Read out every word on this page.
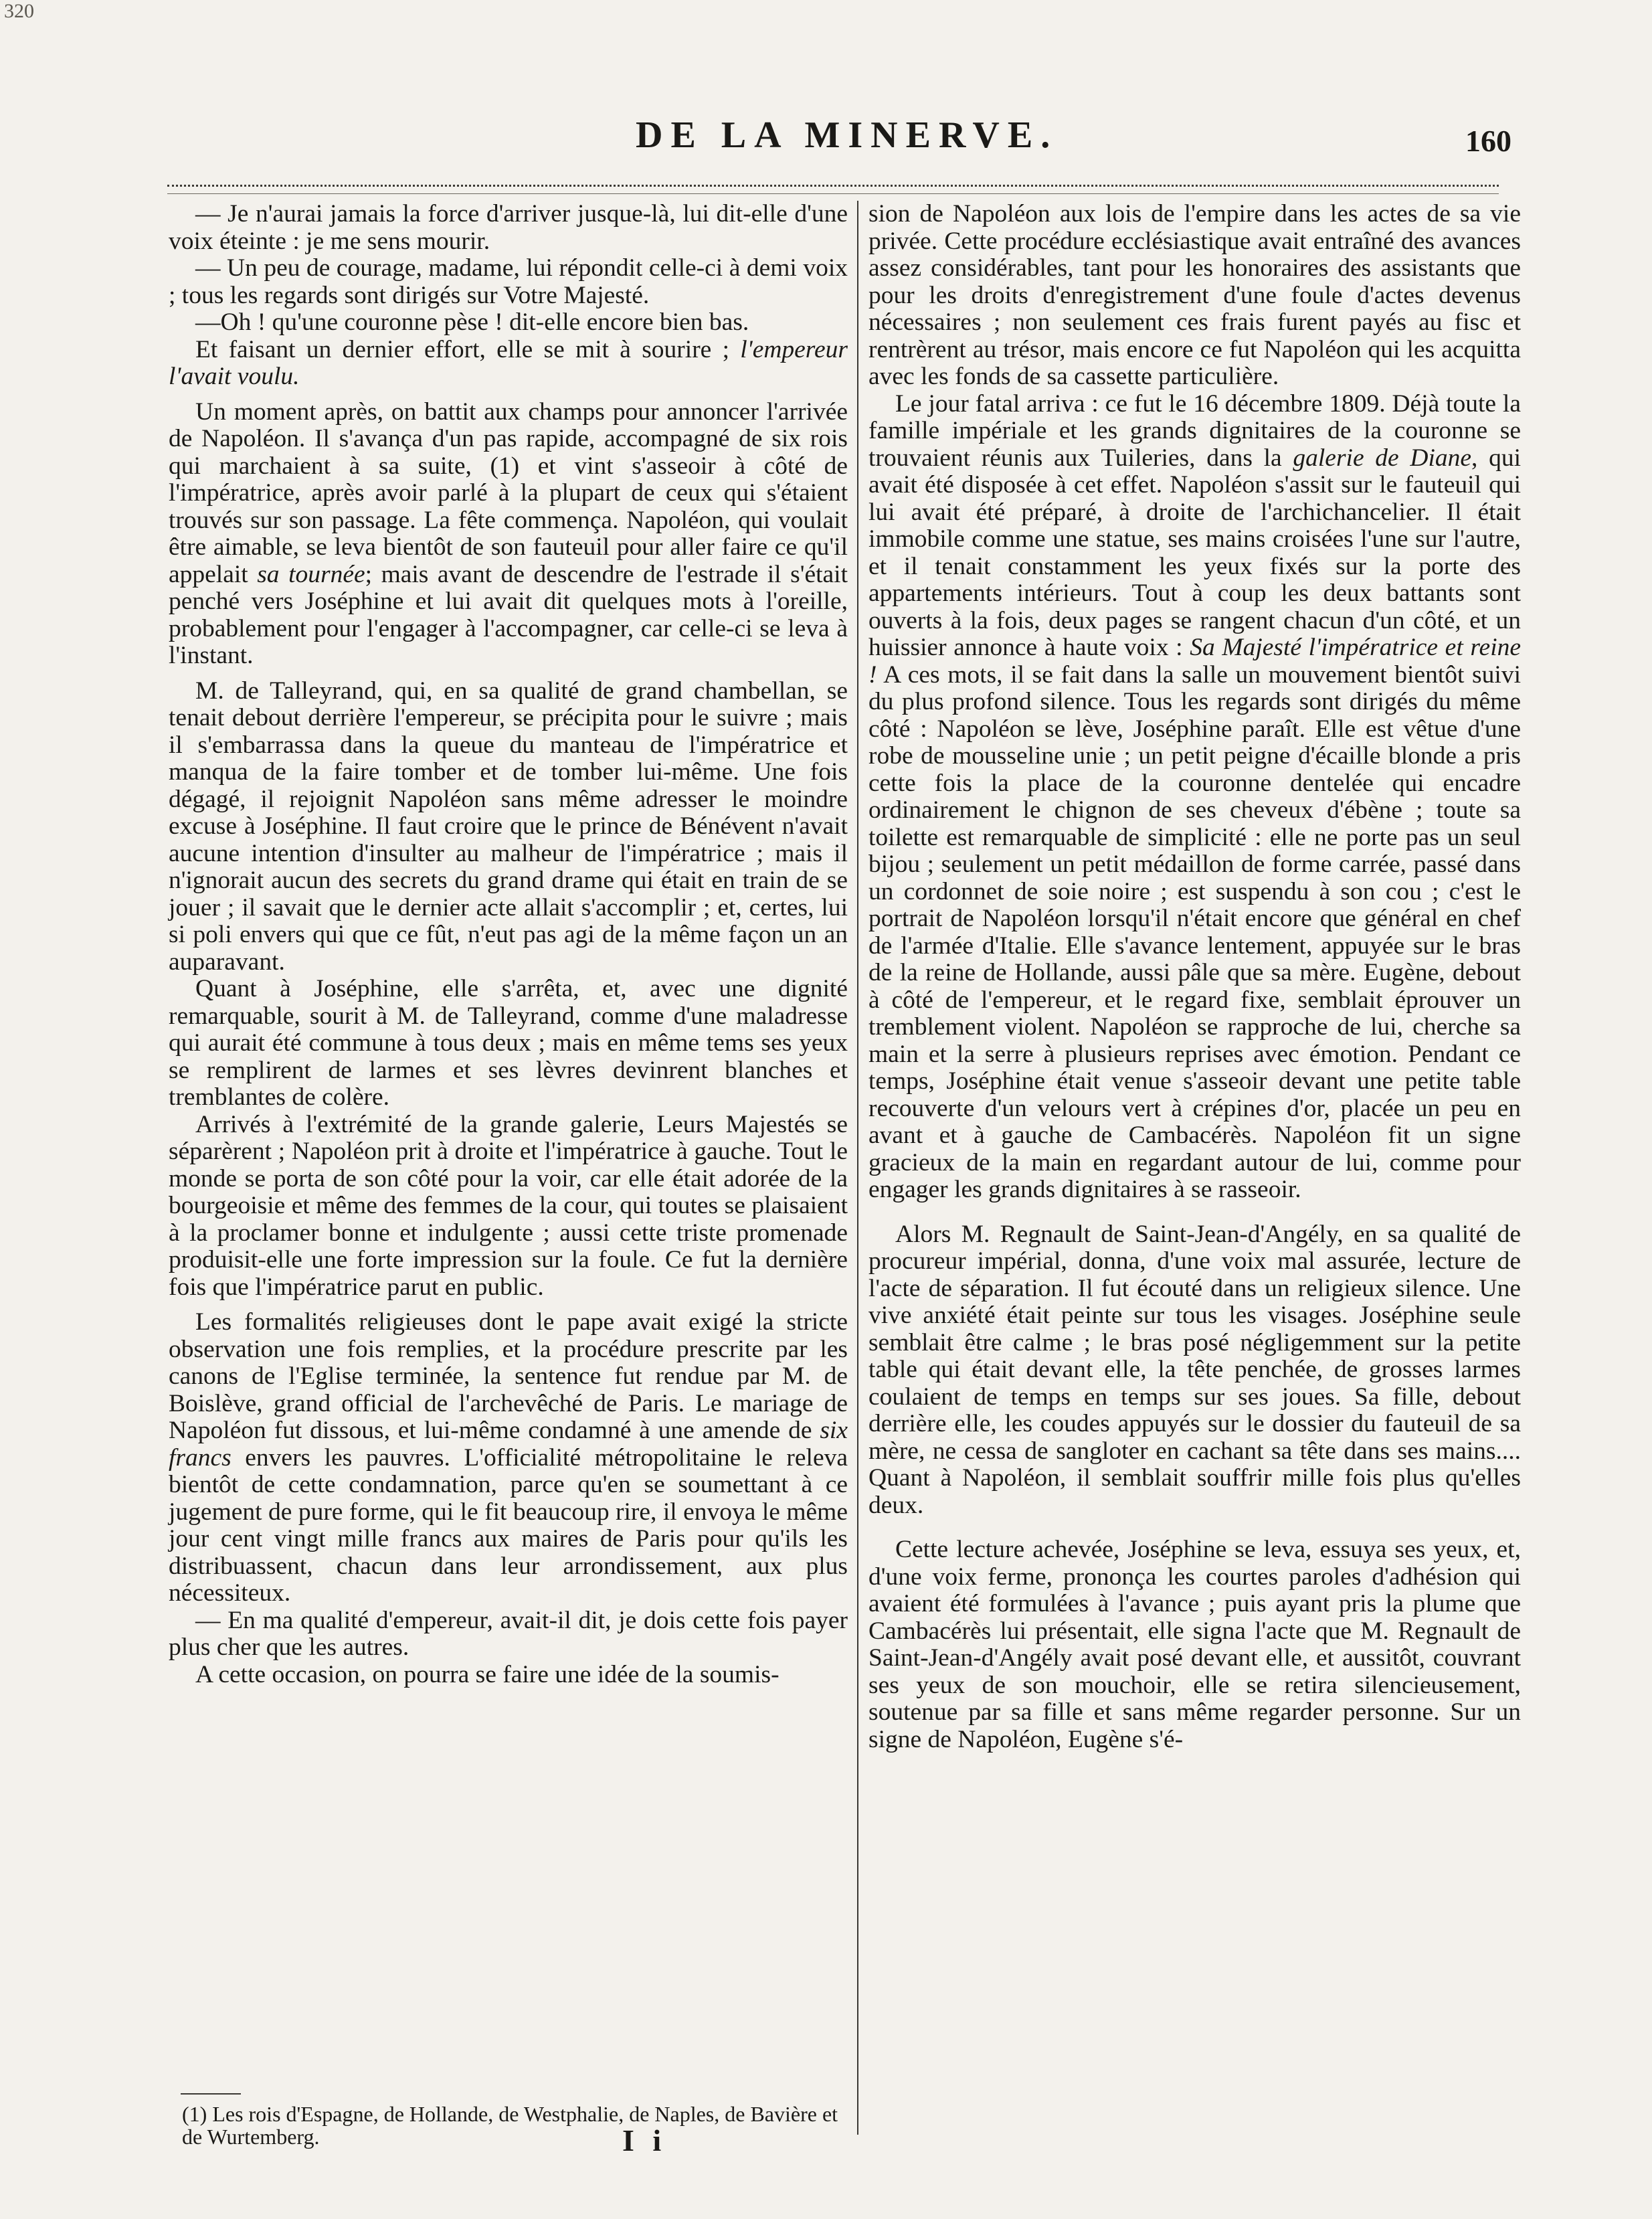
320
DE LA MINERVE.	160

— Je n'aurai jamais la force d'arriver jusque-là, lui dit-elle d'une voix éteinte : je me sens mourir.

— Un peu de courage, madame, lui répondit celle-ci à demi voix ; tous les regards sont dirigés sur Votre Majesté.

—Oh ! qu'une couronne pèse ! dit-elle encore bien bas.

Et faisant un dernier effort, elle se mit à sourire ; l'empereur l'avait voulu.

Un moment après, on battit aux champs pour annoncer l'arrivée de Napoléon. Il s'avança d'un pas rapide, accompagné de six rois qui marchaient à sa suite, (1) et vint s'asseoir à côté de l'impératrice, après avoir parlé à la plupart de ceux qui s'étaient trouvés sur son passage. La fête commença. Napoléon, qui voulait être aimable, se leva bientôt de son fauteuil pour aller faire ce qu'il appelait sa tournée; mais avant de descendre de l'estrade il s'était penché vers Joséphine et lui avait dit quelques mots à l'oreille, probablement pour l'engager à l'accompagner, car celle-ci se leva à l'instant.

M. de Talleyrand, qui, en sa qualité de grand chambellan, se tenait debout derrière l'empereur, se précipita pour le suivre ; mais il s'embarrassa dans la queue du manteau de l'impératrice et manqua de la faire tomber et de tomber lui-même. Une fois dégagé, il rejoignit Napoléon sans même adresser le moindre excuse à Joséphine. Il faut croire que le prince de Bénévent n'avait aucune intention d'insulter au malheur de l'impératrice ; mais il n'ignorait aucun des secrets du grand drame qui était en train de se jouer ; il savait que le dernier acte allait s'accomplir ; et, certes, lui si poli envers qui que ce fût, n'eut pas agi de la même façon un an auparavant.

Quant à Joséphine, elle s'arrêta, et, avec une dignité remarquable, sourit à M. de Talleyrand, comme d'une maladresse qui aurait été commune à tous deux ; mais en même tems ses yeux se remplirent de larmes et ses lèvres devinrent blanches et tremblantes de colère.

Arrivés à l'extrémité de la grande galerie, Leurs Majestés se séparèrent ; Napoléon prit à droite et l'impératrice à gauche. Tout le monde se porta de son côté pour la voir, car elle était adorée de la bourgeoisie et même des femmes de la cour, qui toutes se plaisaient à la proclamer bonne et indulgente ; aussi cette triste promenade produisit-elle une forte impression sur la foule. Ce fut la dernière fois que l'impératrice parut en public.

Les formalités religieuses dont le pape avait exigé la stricte observation une fois remplies, et la procédure prescrite par les canons de l'Eglise terminée, la sentence fut rendue par M. de Boislève, grand official de l'archevêché de Paris. Le mariage de Napoléon fut dissous, et lui-même condamné à une amende de six francs envers les pauvres. L'officialité métropolitaine le releva bientôt de cette condamnation, parce qu'en se soumettant à ce jugement de pure forme, qui le fit beaucoup rire, il envoya le même jour cent vingt mille francs aux maires de Paris pour qu'ils les distribuassent, chacun dans leur arrondissement, aux plus nécessiteux.

— En ma qualité d'empereur, avait-il dit, je dois cette fois payer plus cher que les autres.

A cette occasion, on pourra se faire une idée de la soumis-

sion de Napoléon aux lois de l'empire dans les actes de sa vie privée. Cette procédure ecclésiastique avait entraîné des avances assez considérables, tant pour les honoraires des assistants que pour les droits d'enregistrement d'une foule d'actes devenus nécessaires ; non seulement ces frais furent payés au fisc et rentrèrent au trésor, mais encore ce fut Napoléon qui les acquitta avec les fonds de sa cassette particulière.

Le jour fatal arriva : ce fut le 16 décembre 1809. Déjà toute la famille impériale et les grands dignitaires de la couronne se trouvaient réunis aux Tuileries, dans la galerie de Diane, qui avait été disposée à cet effet. Napoléon s'assit sur le fauteuil qui lui avait été préparé, à droite de l'archichancelier. Il était immobile comme une statue, ses mains croisées l'une sur l'autre, et il tenait constamment les yeux fixés sur la porte des appartements intérieurs. Tout à coup les deux battants sont ouverts à la fois, deux pages se rangent chacun d'un côté, et un huissier annonce à haute voix : Sa Majesté l'impératrice et reine ! A ces mots, il se fait dans la salle un mouvement bientôt suivi du plus profond silence. Tous les regards sont dirigés du même côté : Napoléon se lève, Joséphine paraît. Elle est vêtue d'une robe de mousseline unie ; un petit peigne d'écaille blonde a pris cette fois la place de la couronne dentelée qui encadre ordinairement le chignon de ses cheveux d'ébène ; toute sa toilette est remarquable de simplicité : elle ne porte pas un seul bijou ; seulement un petit médaillon de forme carrée, passé dans un cordonnet de soie noire ; est suspendu à son cou ; c'est le portrait de Napoléon lorsqu'il n'était encore que général en chef de l'armée d'Italie. Elle s'avance lentement, appuyée sur le bras de la reine de Hollande, aussi pâle que sa mère. Eugène, debout à côté de l'empereur, et le regard fixe, semblait éprouver un tremblement violent. Napoléon se rapproche de lui, cherche sa main et la serre à plusieurs reprises avec émotion. Pendant ce temps, Joséphine était venue s'asseoir devant une petite table recouverte d'un velours vert à crépines d'or, placée un peu en avant et à gauche de Cambacérès. Napoléon fit un signe gracieux de la main en regardant autour de lui, comme pour engager les grands dignitaires à se rasseoir.

Alors M. Regnault de Saint-Jean-d'Angély, en sa qualité de procureur impérial, donna, d'une voix mal assurée, lecture de l'acte de séparation. Il fut écouté dans un religieux silence. Une vive anxiété était peinte sur tous les visages. Joséphine seule semblait être calme ; le bras posé négligemment sur la petite table qui était devant elle, la tête penchée, de grosses larmes coulaient de temps en temps sur ses joues. Sa fille, debout derrière elle, les coudes appuyés sur le dossier du fauteuil de sa mère, ne cessa de sangloter en cachant sa tête dans ses mains.... Quant à Napoléon, il semblait souffrir mille fois plus qu'elles deux.

Cette lecture achevée, Joséphine se leva, essuya ses yeux, et, d'une voix ferme, prononça les courtes paroles d'adhésion qui avaient été formulées à l'avance ; puis ayant pris la plume que Cambacérès lui présentait, elle signa l'acte que M. Regnault de Saint-Jean-d'Angély avait posé devant elle, et aussitôt, couvrant ses yeux de son mouchoir, elle se retira silencieusement, soutenue par sa fille et sans même regarder personne. Sur un signe de Napoléon, Eugène s'é-

(1) Les rois d'Espagne, de Hollande, de Westphalie, de Naples, de Bavière et de Wurtemberg.	I i
